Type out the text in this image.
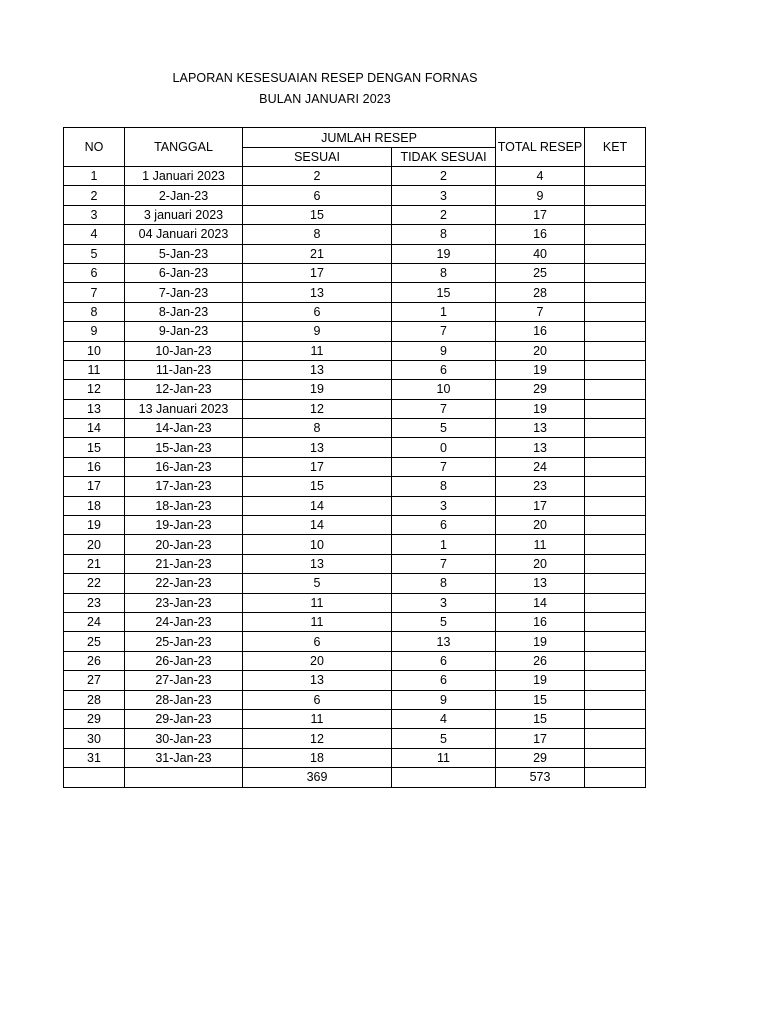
LAPORAN KESESUAIAN RESEP DENGAN FORNAS
BULAN JANUARI 2023
NO	TANGGAL	JUMLAH RESEP		TOTAL RESEP	KET
		SESUAI	TIDAK SESUAI		
1	1 Januari 2023	2	2	4	
2	2-Jan-23	6	3	9	
3	3 januari 2023	15	2	17	
4	04 Januari 2023	8	8	16	
5	5-Jan-23	21	19	40	
6	6-Jan-23	17	8	25	
7	7-Jan-23	13	15	28	
8	8-Jan-23	6	1	7	
9	9-Jan-23	9	7	16	
10	10-Jan-23	11	9	20	
11	11-Jan-23	13	6	19	
12	12-Jan-23	19	10	29	
13	13 Januari 2023	12	7	19	
14	14-Jan-23	8	5	13	
15	15-Jan-23	13	0	13	
16	16-Jan-23	17	7	24	
17	17-Jan-23	15	8	23	
18	18-Jan-23	14	3	17	
19	19-Jan-23	14	6	20	
20	20-Jan-23	10	1	11	
21	21-Jan-23	13	7	20	
22	22-Jan-23	5	8	13	
23	23-Jan-23	11	3	14	
24	24-Jan-23	11	5	16	
25	25-Jan-23	6	13	19	
26	26-Jan-23	20	6	26	
27	27-Jan-23	13	6	19	
28	28-Jan-23	6	9	15	
29	29-Jan-23	11	4	15	
30	30-Jan-23	12	5	17	
31	31-Jan-23	18	11	29	
		369		573	
